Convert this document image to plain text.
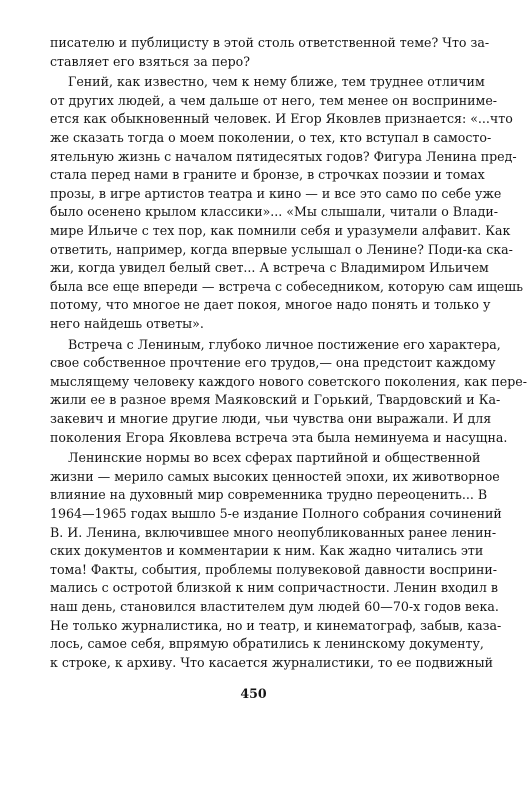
писателю и публицисту в этой столь ответственной теме? Что за-
ставляет его взяться за перо?
Гений, как известно, чем к нему ближе, тем труднее отличим
от других людей, а чем дальше от него, тем менее он восприниме-
ется как обыкновенный человек. И Егор Яковлев признается: «...что
же сказать тогда о моем поколении, о тех, кто вступал в самосто-
ятельную жизнь с началом пятидесятых годов? Фигура Ленина пред-
стала перед нами в граните и бронзе, в строчках поэзии и томах
прозы, в игре артистов театра и кино — и все это само по себе уже
было осенено крылом классики»... «Мы слышали, читали о Влади-
мире Ильиче с тех пор, как помнили себя и уразумели алфавит. Как
ответить, например, когда впервые услышал о Ленине? Поди-ка ска-
жи, когда увидел белый свет... А встреча с Владимиром Ильичем
была все еще впереди — встреча с собеседником, которую сам ищешь
потому, что многое не дает покоя, многое надо понять и только у
него найдешь ответы».
Встреча с Лениным, глубоко личное постижение его характера,
свое собственное прочтение его трудов,— она предстоит каждому
мыслящему человеку каждого нового советского поколения, как пере-
жили ее в разное время Маяковский и Горький, Твардовский и Ка-
закевич и многие другие люди, чьи чувства они выражали. И для
поколения Егора Яковлева встреча эта была неминуема и насущна.
Ленинские нормы во всех сферах партийной и общественной
жизни — мерило самых высоких ценностей эпохи, их животворное
влияние на духовный мир современника трудно переоценить... В
1964—1965 годах вышло 5-е издание Полного собрания сочинений
В. И. Ленина, включившее много неопубликованных ранее ленин-
ских документов и комментарии к ним. Как жадно читались эти
тома! Факты, события, проблемы полувековой давности восприни-
мались с остротой близкой к ним сопричастности. Ленин входил в
наш день, становился властителем дум людей 60—70-х годов века.
Не только журналистика, но и театр, и кинематограф, забыв, каза-
лось, самое себя, впрямую обратились к ленинскому документу,
к строке, к архиву. Что касается журналистики, то ее подвижный
450
